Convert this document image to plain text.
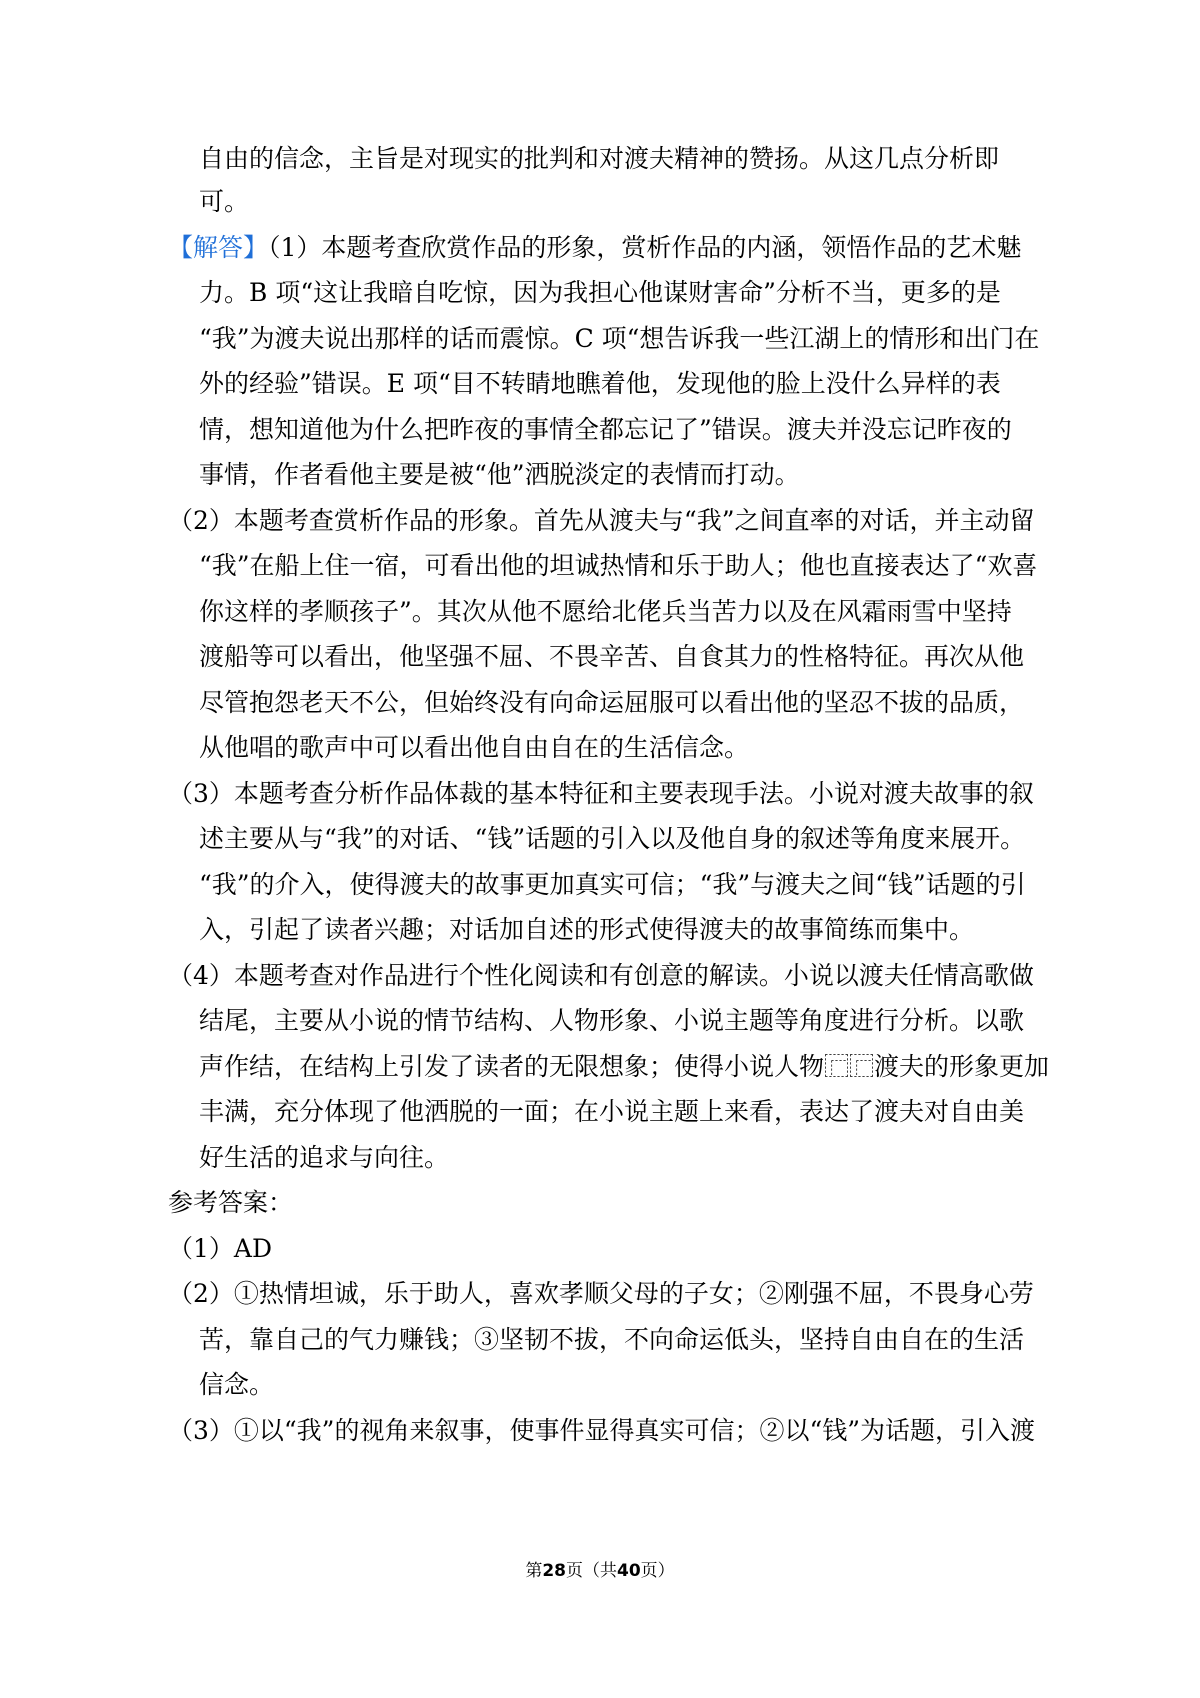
自由的信念，主旨是对现实的批判和对渡夫精神的赞扬。从这几点分析即
可。
【解答】（1）本题考查欣赏作品的形象，赏析作品的内涵，领悟作品的艺术魅
力。B 项“这让我暗自吃惊，因为我担心他谋财害命”分析不当，更多的是
“我”为渡夫说出那样的话而震惊。C 项“想告诉我一些江湖上的情形和出门在
外的经验”错误。E 项“目不转睛地瞧着他，发现他的脸上没什么异样的表
情，想知道他为什么把昨夜的事情全都忘记了”错误。渡夫并没忘记昨夜的
事情，作者看他主要是被“他”洒脱淡定的表情而打动。
（2）本题考查赏析作品的形象。首先从渡夫与“我”之间直率的对话，并主动留
“我”在船上住一宿，可看出他的坦诚热情和乐于助人；他也直接表达了“欢喜
你这样的孝顺孩子”。其次从他不愿给北佬兵当苦力以及在风霜雨雪中坚持
渡船等可以看出，他坚强不屈、不畏辛苦、自食其力的性格特征。再次从他
尽管抱怨老天不公，但始终没有向命运屈服可以看出他的坚忍不拔的品质，
从他唱的歌声中可以看出他自由自在的生活信念。
（3）本题考查分析作品体裁的基本特征和主要表现手法。小说对渡夫故事的叙
述主要从与“我”的对话、“钱”话题的引入以及他自身的叙述等角度来展开。
“我”的介入，使得渡夫的故事更加真实可信；“我”与渡夫之间“钱”话题的引
入，引起了读者兴趣；对话加自述的形式使得渡夫的故事简练而集中。
（4）本题考查对作品进行个性化阅读和有创意的解读。小说以渡夫任情高歌做
结尾，主要从小说的情节结构、人物形象、小说主题等角度进行分析。以歌
声作结，在结构上引发了读者的无限想象；使得小说人物⿸⿸渡夫的形象更加
丰满，充分体现了他洒脱的一面；在小说主题上来看，表达了渡夫对自由美
好生活的追求与向往。
参考答案：
（1）AD
（2）①热情坦诚，乐于助人，喜欢孝顺父母的子女；②刚强不屈，不畏身心劳
苦，靠自己的气力赚钱；③坚韧不拔，不向命运低头，坚持自由自在的生活
信念。
（3）①以“我”的视角来叙事，使事件显得真实可信；②以“钱”为话题，引入渡
第28页（共40页）
